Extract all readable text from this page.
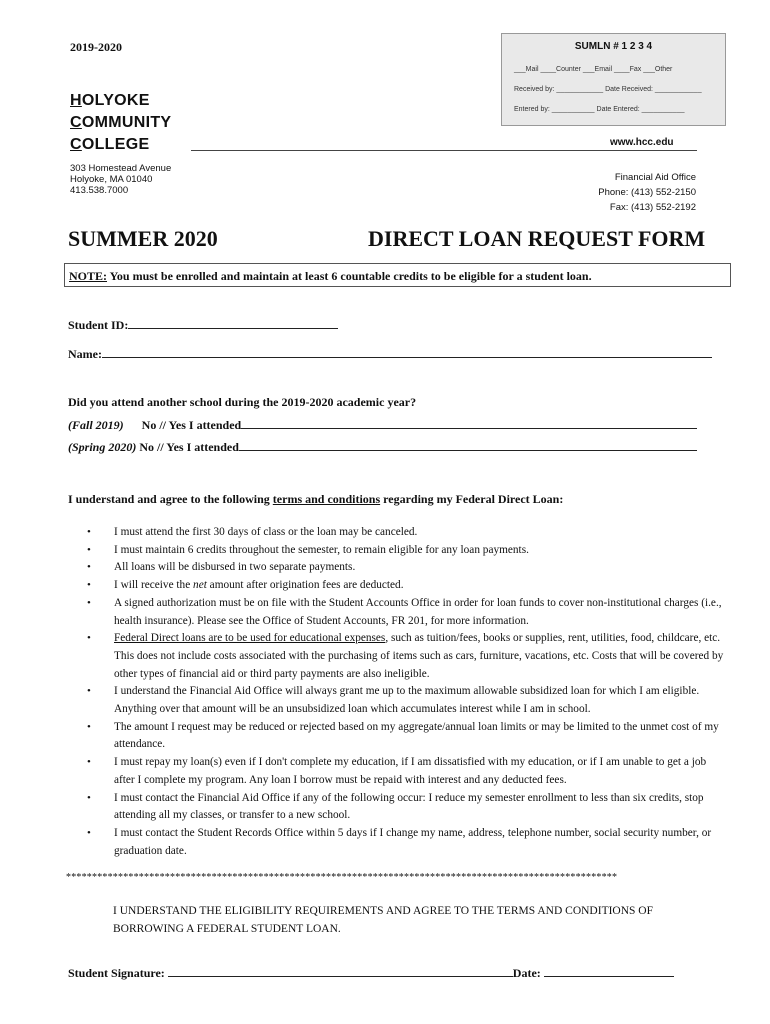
2019-2020	SUMLN # 1 2 3 4
___Mail ____Counter ___Email ____Fax ___Other
Received by: ____________ Date Received: ____________
Entered by: ___________ Date Entered: ___________
HOLYOKE
COMMUNITY
COLLEGE
303 Homestead Avenue
Holyoke, MA 01040
413.538.7000
www.hcc.edu
Financial Aid Office
Phone: (413) 552-2150
Fax: (413) 552-2192
SUMMER 2020	DIRECT LOAN REQUEST FORM
NOTE: You must be enrolled and maintain at least 6 countable credits to be eligible for a student loan.
Student ID:
Name:
Did you attend another school during the 2019-2020 academic year?
(Fall 2019) No // Yes I attended
(Spring 2020) No // Yes I attended
I understand and agree to the following terms and conditions regarding my Federal Direct Loan:
• I must attend the first 30 days of class or the loan may be canceled.
• I must maintain 6 credits throughout the semester, to remain eligible for any loan payments.
• All loans will be disbursed in two separate payments.
• I will receive the net amount after origination fees are deducted.
• A signed authorization must be on file with the Student Accounts Office in order for loan funds to cover non-institutional charges (i.e., health insurance). Please see the Office of Student Accounts, FR 201, for more information.
• Federal Direct loans are to be used for educational expenses, such as tuition/fees, books or supplies, rent, utilities, food, childcare, etc. This does not include costs associated with the purchasing of items such as cars, furniture, vacations, etc. Costs that will be covered by other types of financial aid or third party payments are also ineligible.
• I understand the Financial Aid Office will always grant me up to the maximum allowable subsidized loan for which I am eligible. Anything over that amount will be an unsubsidized loan which accumulates interest while I am in school.
• The amount I request may be reduced or rejected based on my aggregate/annual loan limits or may be limited to the unmet cost of my attendance.
• I must repay my loan(s) even if I don't complete my education, if I am dissatisfied with my education, or if I am unable to get a job after I complete my program. Any loan I borrow must be repaid with interest and any deducted fees.
• I must contact the Financial Aid Office if any of the following occur: I reduce my semester enrollment to less than six credits, stop attending all my classes, or transfer to a new school.
• I must contact the Student Records Office within 5 days if I change my name, address, telephone number, social security number, or graduation date.
**********************************************************************************************************
I UNDERSTAND THE ELIGIBILITY REQUIREMENTS AND AGREE TO THE TERMS AND CONDITIONS OF BORROWING A FEDERAL STUDENT LOAN.
Student Signature:	Date:
